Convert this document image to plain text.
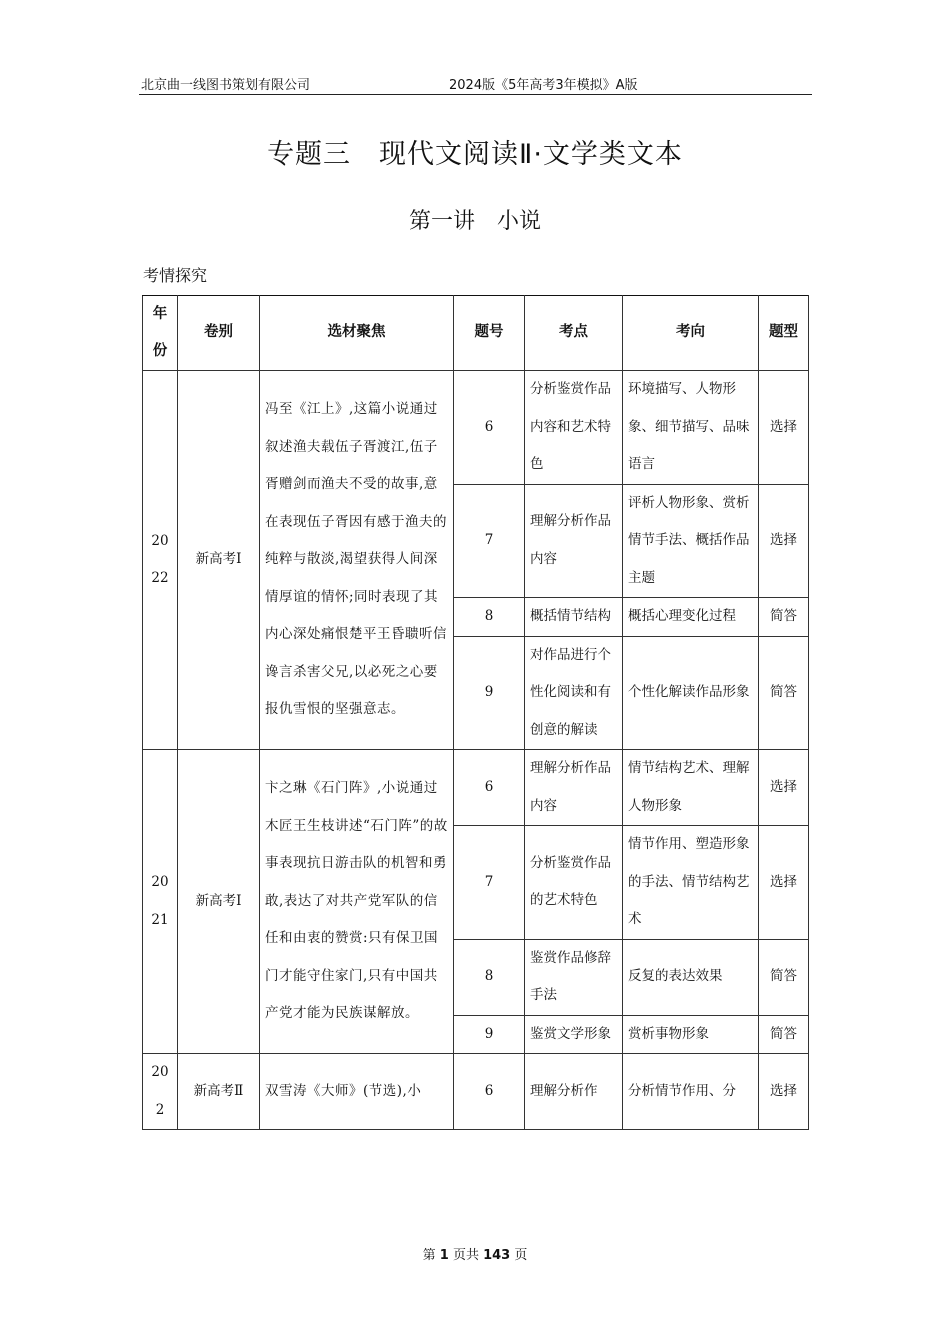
北京曲一线图书策划有限公司	2024版《5年高考3年模拟》A版
专题三　现代文阅读Ⅱ·文学类文本
第一讲　小说
考情探究
年份	卷别	选材聚焦	题号	考点	考向	题型
2022	新高考Ⅰ	冯至《江上》,这篇小说通过叙述渔夫载伍子胥渡江,伍子胥赠剑而渔夫不受的故事,意在表现伍子胥因有感于渔夫的纯粹与散淡,渴望获得人间深情厚谊的情怀;同时表现了其内心深处痛恨楚平王昏聩听信谗言杀害父兄,以必死之心要报仇雪恨的坚强意志。	6	分析鉴赏作品内容和艺术特色	环境描写、人物形象、细节描写、品味语言	选择
			7	理解分析作品内容	评析人物形象、赏析情节手法、概括作品主题	选择
			8	概括情节结构	概括心理变化过程	简答
			9	对作品进行个性化阅读和有创意的解读	个性化解读作品形象	简答
2021	新高考Ⅰ	卞之琳《石门阵》,小说通过木匠王生枝讲述“石门阵”的故事表现抗日游击队的机智和勇敢,表达了对共产党军队的信任和由衷的赞赏:只有保卫国门才能守住家门,只有中国共产党才能为民族谋解放。	6	理解分析作品内容	情节结构艺术、理解人物形象	选择
			7	分析鉴赏作品的艺术特色	情节作用、塑造形象的手法、情节结构艺术	选择
			8	鉴赏作品修辞手法	反复的表达效果	简答
			9	鉴赏文学形象	赏析事物形象	简答
202	新高考Ⅱ	双雪涛《大师》(节选),小	6	理解分析作	分析情节作用、分	选择
第 1 页共 143 页
